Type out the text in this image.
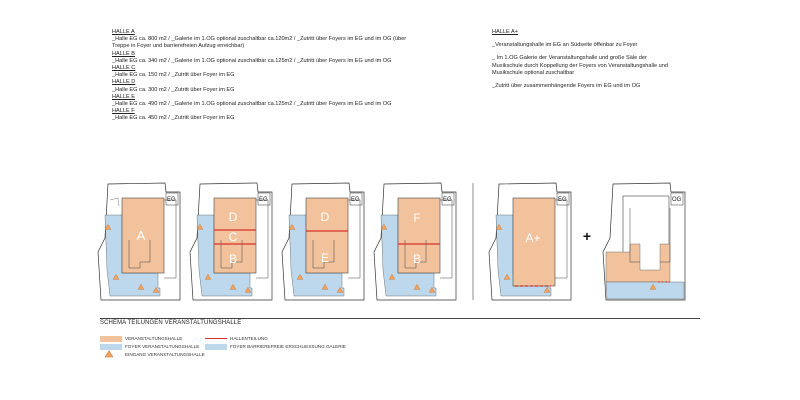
HALLE A
_Halle EG ca. 800 m2 / _Galerie im 1.OG optional zuschaltbar ca.120m2 / _Zutritt über Foyers im EG und im OG (über
Treppe in Foyer und barrierefreien Aufzug erreichbar)
HALLE B
_Halle EG ca. 340 m2 / _Galerie im 1.OG optional zuschaltbar ca.125m2 / _Zutritt über Foyers im EG und im OG
HALLE C
_Halle EG ca. 150 m2 / _Zutritt über Foyer im EG
HALLE D
_Halle EG ca. 300 m2 / _Zutritt über Foyer im EG
HALLE E
_Halle EG ca. 490 m2 / _Galerie im 1.OG optional zuschaltbar ca.125m2 / _Zutritt über Foyers im EG und im OG
HALLE F
_Halle EG ca. 450 m2 / _Zutritt über Foyer im EG
HALLE A+
_Veranstaltungshalle im EG an Südseite öffenbar zu Foyer
_ Im 1.OG Galerie der Veranstaltungshalle und große Säle der
Musikschule durch Koppellung der Foyers von Veranstaltungshalle und
Musikschule optional zuschaltbar
_Zutritt über zusammenhängende Foyers im EG und im OG
A
EG
D
C
B
EG
D
E
EG
F
B
EG
A+
EG
+
OG
SCHEMA TEILUNGEN VERANSTALTUNGSHALLE
VERANSTALTUNGSHALLE
FOYER VERANSTALTUNGSHALLE
EINGANG VERANSTALTUNGSHALLE
HALLENTEILUNG
FOYER BARRIEREFREIE ERSCHLIESSUNG GALERIE
